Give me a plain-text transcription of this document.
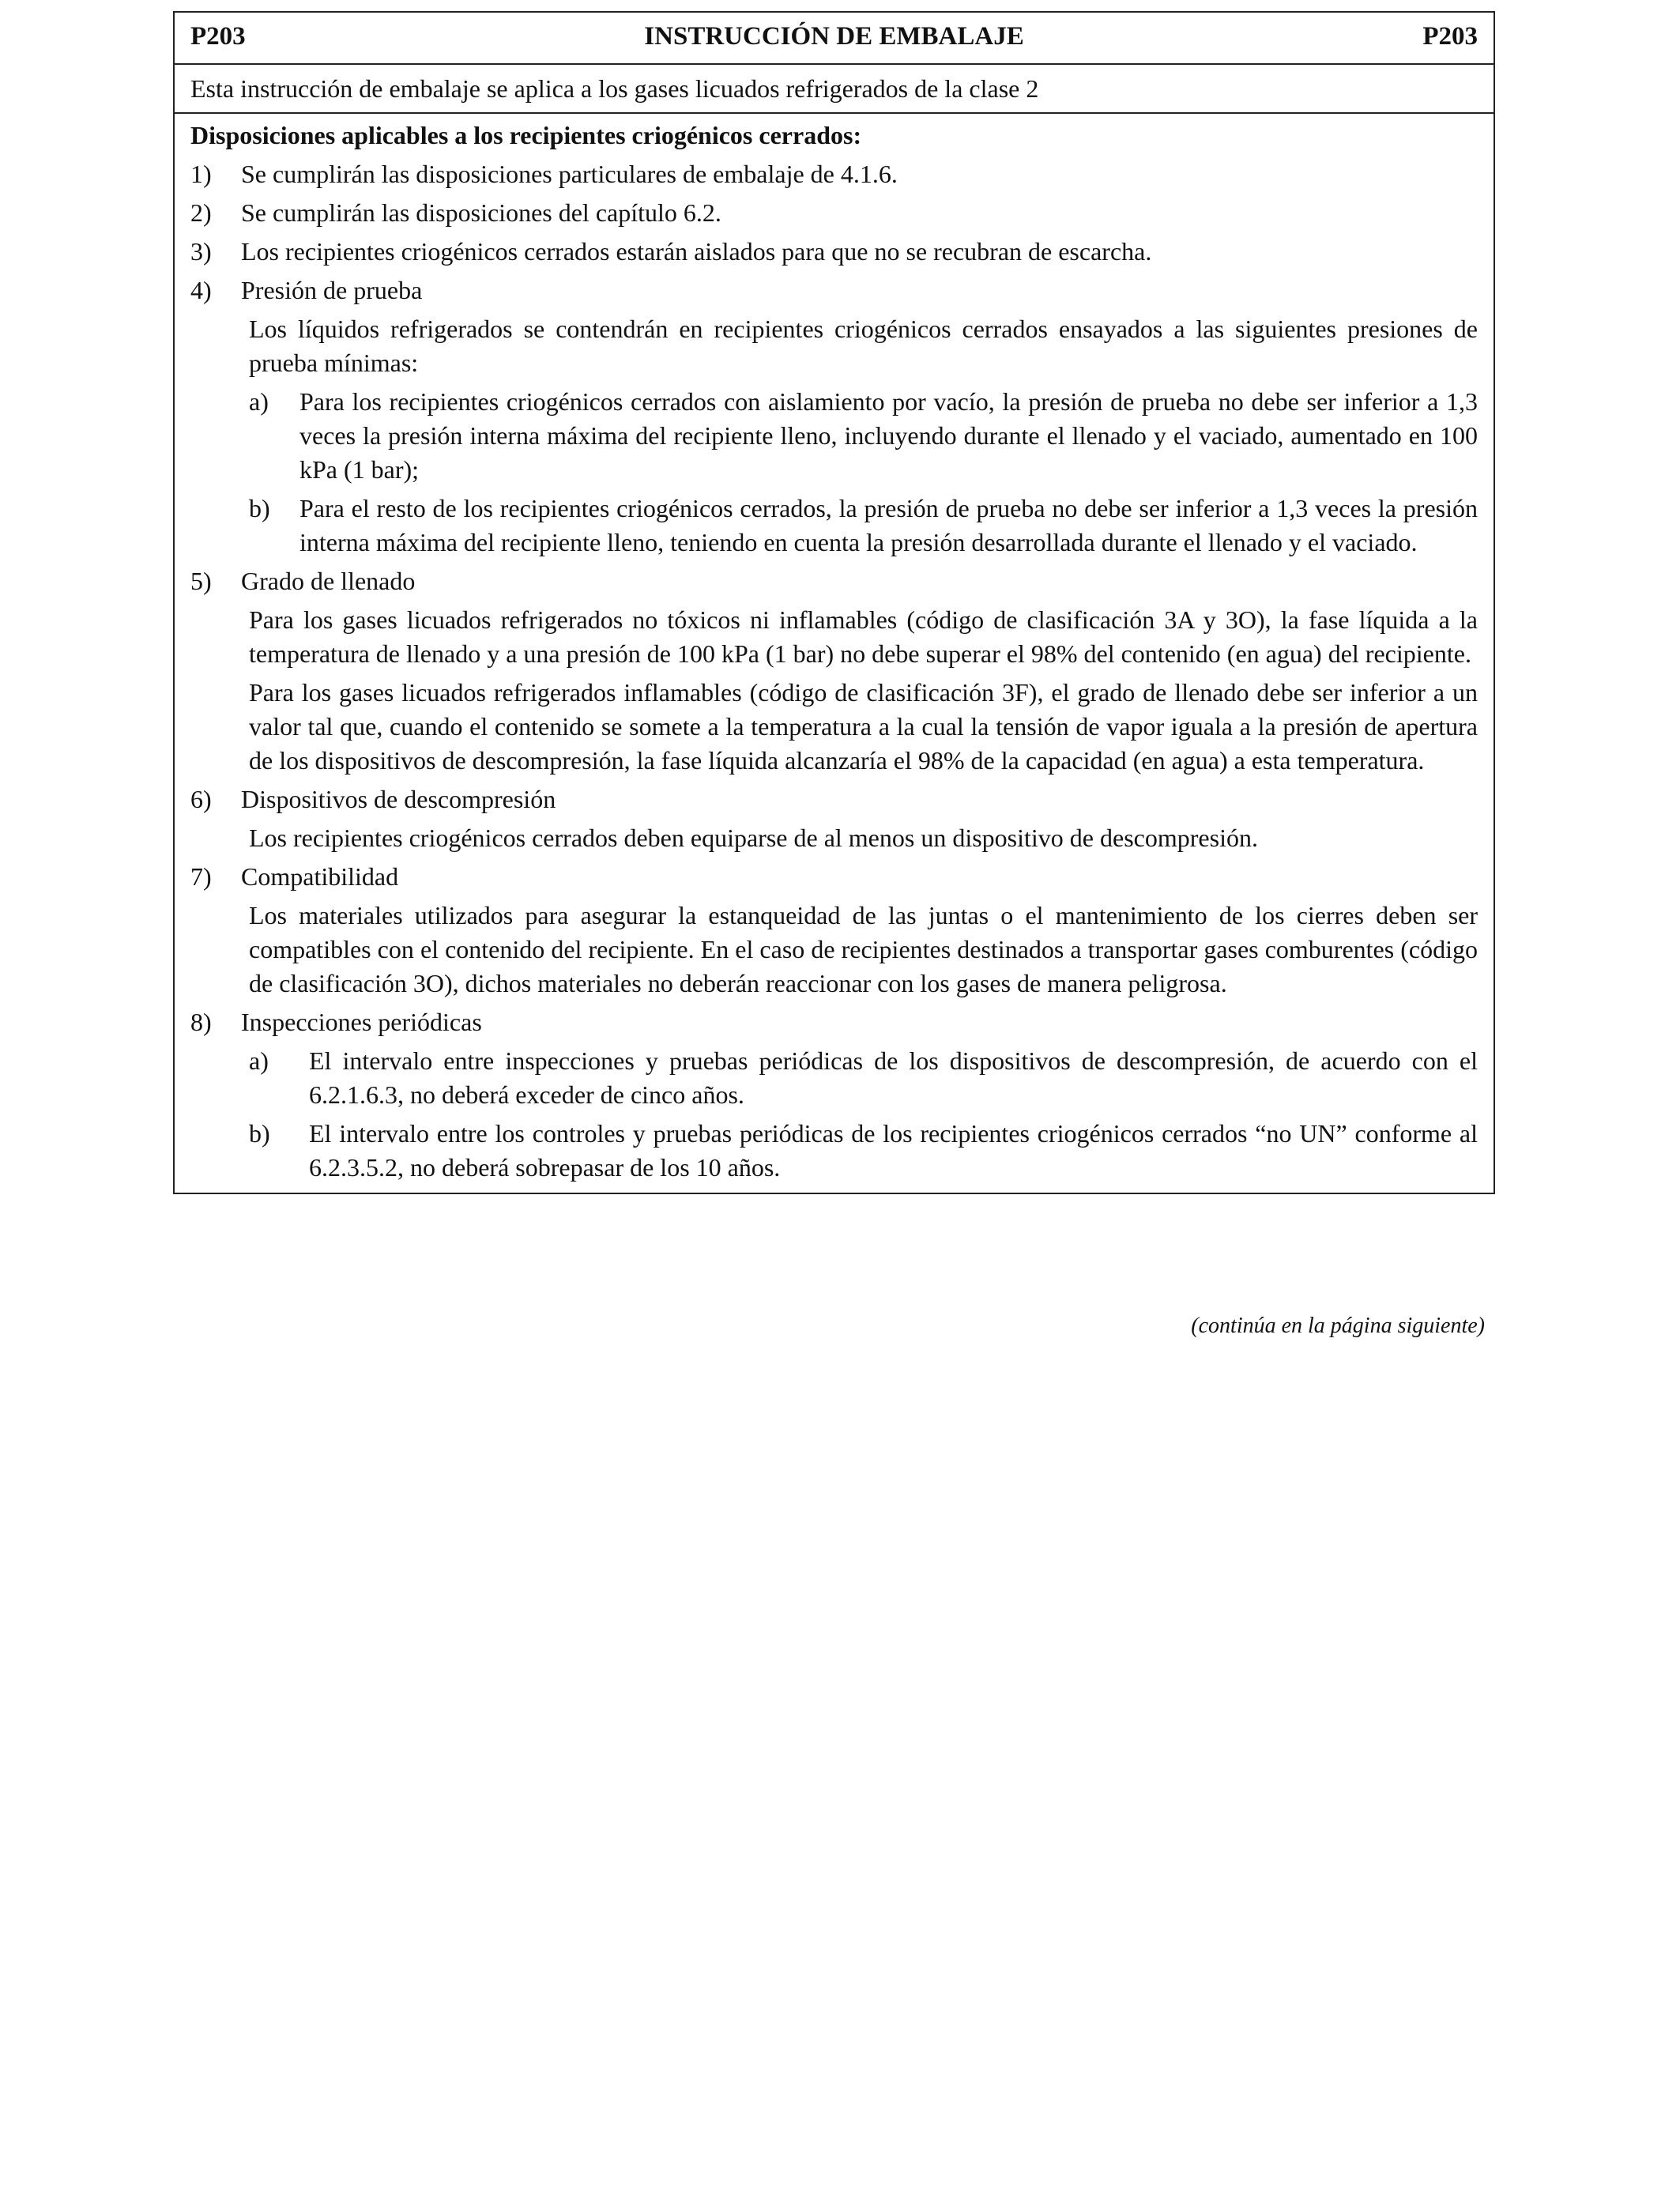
P203	INSTRUCCIÓN DE EMBALAJE	P203
Esta instrucción de embalaje se aplica a los gases licuados refrigerados de la clase 2
Disposiciones aplicables a los recipientes criogénicos cerrados:
1) Se cumplirán las disposiciones particulares de embalaje de 4.1.6.
2) Se cumplirán las disposiciones del capítulo 6.2.
3) Los recipientes criogénicos cerrados estarán aislados para que no se recubran de escarcha.
4) Presión de prueba
Los líquidos refrigerados se contendrán en recipientes criogénicos cerrados ensayados a las siguientes presiones de prueba mínimas:
a) Para los recipientes criogénicos cerrados con aislamiento por vacío, la presión de prueba no debe ser inferior a 1,3 veces la presión interna máxima del recipiente lleno, incluyendo durante el llenado y el vaciado, aumentado en 100 kPa (1 bar);
b) Para el resto de los recipientes criogénicos cerrados, la presión de prueba no debe ser inferior a 1,3 veces la presión interna máxima del recipiente lleno, teniendo en cuenta la presión desarrollada durante el llenado y el vaciado.
5) Grado de llenado
Para los gases licuados refrigerados no tóxicos ni inflamables (código de clasificación 3A y 3O), la fase líquida a la temperatura de llenado y a una presión de 100 kPa (1 bar) no debe superar el 98% del contenido (en agua) del recipiente.
Para los gases licuados refrigerados inflamables (código de clasificación 3F), el grado de llenado debe ser inferior a un valor tal que, cuando el contenido se somete a la temperatura a la cual la tensión de vapor iguala a la presión de apertura de los dispositivos de descompresión, la fase líquida alcanzaría el 98% de la capacidad (en agua) a esta temperatura.
6) Dispositivos de descompresión
Los recipientes criogénicos cerrados deben equiparse de al menos un dispositivo de descompresión.
7) Compatibilidad
Los materiales utilizados para asegurar la estanqueidad de las juntas o el mantenimiento de los cierres deben ser compatibles con el contenido del recipiente. En el caso de recipientes destinados a transportar gases comburentes (código de clasificación 3O), dichos materiales no deberán reaccionar con los gases de manera peligrosa.
8) Inspecciones periódicas
a) El intervalo entre inspecciones y pruebas periódicas de los dispositivos de descompresión, de acuerdo con el 6.2.1.6.3, no deberá exceder de cinco años.
b) El intervalo entre los controles y pruebas periódicas de los recipientes criogénicos cerrados “no UN” conforme al 6.2.3.5.2, no deberá sobrepasar de los 10 años.
(continúa en la página siguiente)
